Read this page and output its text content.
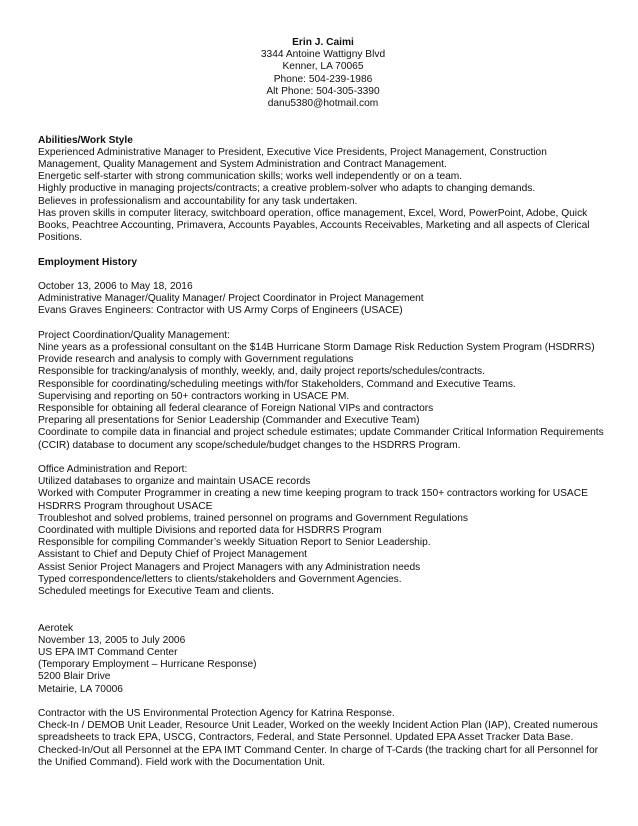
Erin J. Caimi
3344 Antoine Wattigny Blvd
Kenner, LA 70065
Phone: 504-239-1986
Alt Phone: 504-305-3390
danu5380@hotmail.com
Abilities/Work Style
Experienced Administrative Manager to President, Executive Vice Presidents, Project Management, Construction Management, Quality Management and System Administration and Contract Management.
Energetic self-starter with strong communication skills; works well independently or on a team.
Highly productive in managing projects/contracts; a creative problem-solver who adapts to changing demands.
Believes in professionalism and accountability for any task undertaken.
Has proven skills in computer literacy, switchboard operation, office management, Excel, Word, PowerPoint, Adobe, Quick Books, Peachtree Accounting, Primavera, Accounts Payables, Accounts Receivables, Marketing and all aspects of Clerical Positions.
Employment History
October 13, 2006 to May 18, 2016
Administrative Manager/Quality Manager/ Project Coordinator in Project Management
Evans Graves Engineers: Contractor with US Army Corps of Engineers (USACE)
Project Coordination/Quality Management:
Nine years as a professional consultant on the $14B Hurricane Storm Damage Risk Reduction System Program (HSDRRS)
Provide research and analysis to comply with Government regulations
Responsible for tracking/analysis of monthly, weekly, and, daily project reports/schedules/contracts.
Responsible for coordinating/scheduling meetings with/for Stakeholders, Command and Executive Teams.
Supervising and reporting on 50+ contractors working in USACE PM.
Responsible for obtaining all federal clearance of Foreign National VIPs and contractors
Preparing all presentations for Senior Leadership (Commander and Executive Team)
Coordinate to compile data in financial and project schedule estimates; update Commander Critical Information Requirements (CCIR) database to document any scope/schedule/budget changes to the HSDRRS Program.
Office Administration and Report:
Utilized databases to organize and maintain USACE records
Worked with Computer Programmer in creating a new time keeping program to track 150+ contractors working for USACE HSDRRS Program throughout USACE
Troubleshot and solved problems, trained personnel on programs and Government Regulations
Coordinated with multiple Divisions and reported data for HSDRRS Program
Responsible for compiling Commander’s weekly Situation Report to Senior Leadership.
Assistant to Chief and Deputy Chief of Project Management
Assist Senior Project Managers and Project Managers with any Administration needs
Typed correspondence/letters to clients/stakeholders and Government Agencies.
Scheduled meetings for Executive Team and clients.
Aerotek
November 13, 2005 to July 2006
US EPA IMT Command Center
(Temporary Employment – Hurricane Response)
5200 Blair Drive
Metairie, LA 70006
Contractor with the US Environmental Protection Agency for Katrina Response.
Check-In / DEMOB Unit Leader, Resource Unit Leader, Worked on the weekly Incident Action Plan (IAP), Created numerous spreadsheets to track EPA, USCG, Contractors, Federal, and State Personnel. Updated EPA Asset Tracker Data Base. Checked-In/Out all Personnel at the EPA IMT Command Center. In charge of T-Cards (the tracking chart for all Personnel for the Unified Command). Field work with the Documentation Unit.
